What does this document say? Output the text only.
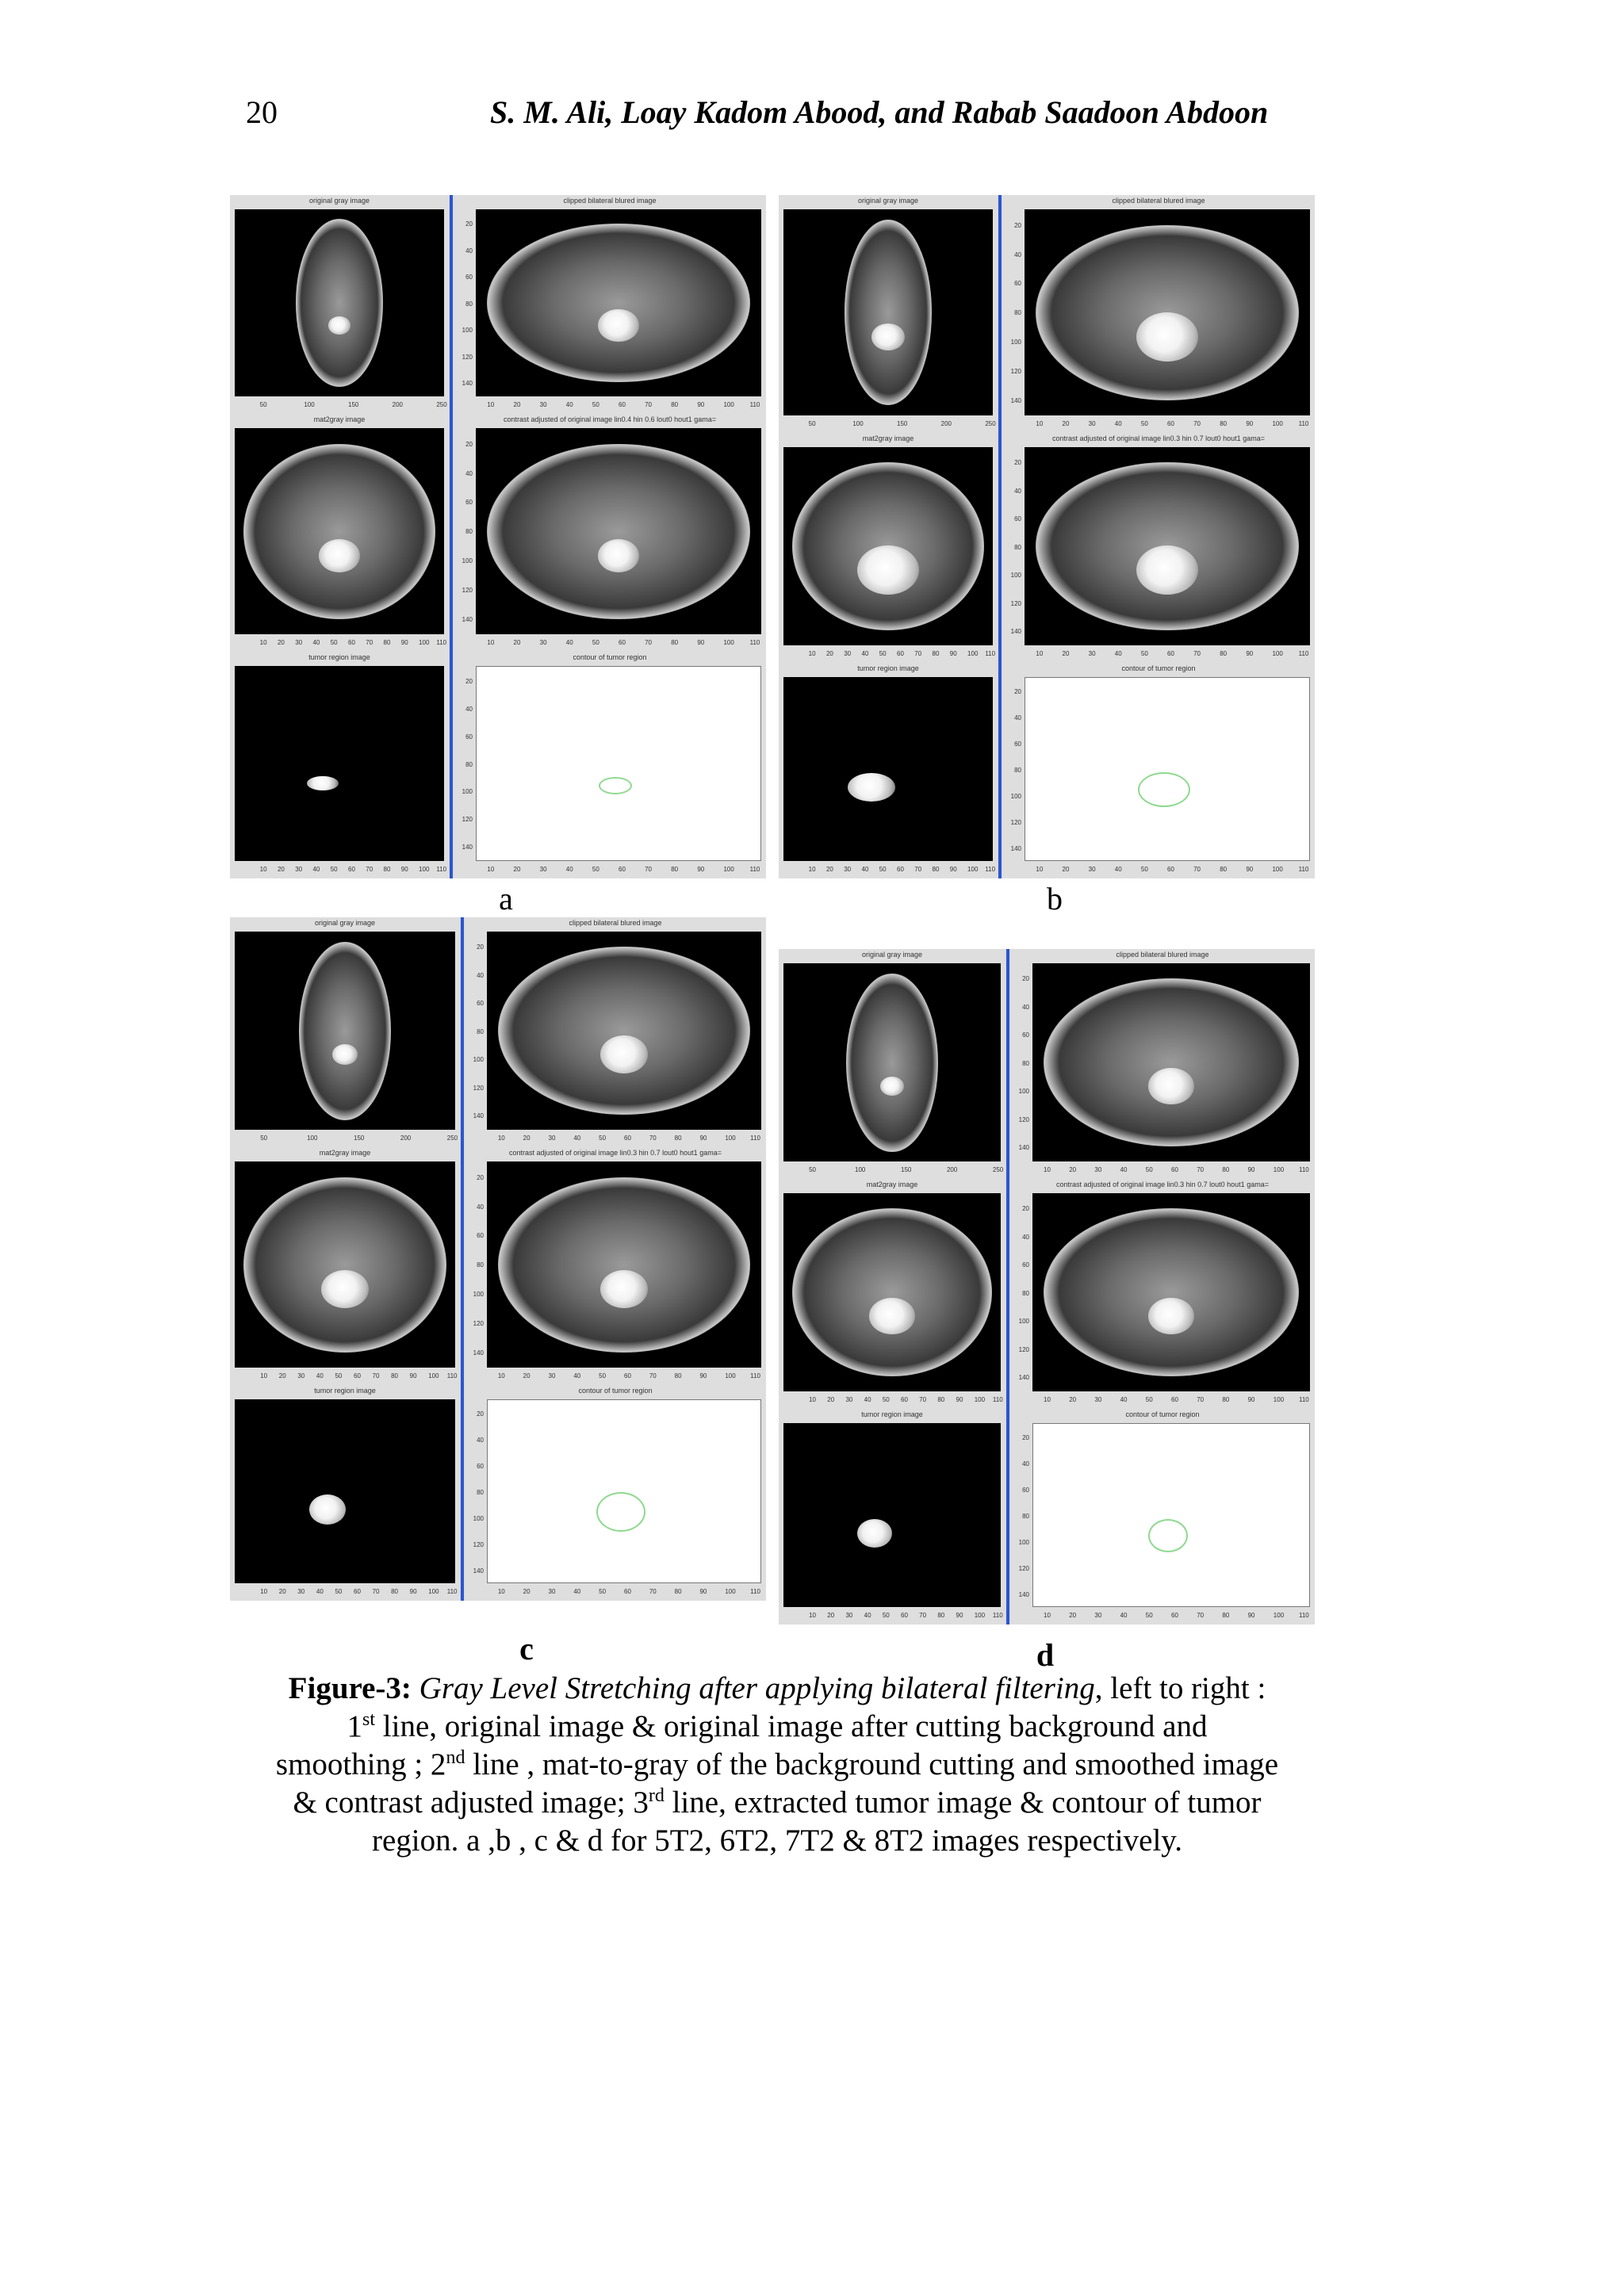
20	S. M. Ali, Loay Kadom Abood, and Rabab Saadoon Abdoon
original gray image
50	100	150	200	250
clipped bilateral blured image
20
40
60
80
100
120
140
10	20	30	40	50	60	70	80	90	100 110
mat2gray image
10 20 30 40 50 60 70 80 90 100 110
contrast adjusted of original image lin0.4 hin 0.6 lout0 hout1 gama=
20
40
60
80
100
120
140
10	20	30	40	50	60	70	80	90	100 110
tumor region image
10 20 30 40 50 60 70 80 90 100 110
contour of tumor region
20
40
60
80
100
120
140
10	20	30	40	50	60	70	80	90	100 110
original gray image
50	100	150	200	250
clipped bilateral blured image
20
40
60
80
100
120
140
10	20	30	40	50	60	70	80	90	100 110
mat2gray image
10 20 30 40 50 60 70 80 90 100 110
contrast adjusted of original image lin0.3 hin 0.7 lout0 hout1 gama=
20
40
60
80
100
120
140
10	20	30	40	50	60	70	80	90	100 110
tumor region image
10 20 30 40 50 60 70 80 90 100 110
contour of tumor region
20
40
60
80
100
120
140
10	20	30	40	50	60	70	80	90	100 110
original gray image
50	100	150	200	250
clipped bilateral blured image
20
40
60
80
100
120
140
10	20	30	40	50	60	70	80	90	100 110
mat2gray image
10 20 30 40 50 60 70 80 90 100 110
contrast adjusted of original image lin0.3 hin 0.7 lout0 hout1 gama=
20
40
60
80
100
120
140
10	20	30	40	50	60	70	80	90	100 110
tumor region image
10 20 30 40 50 60 70 80 90 100 110
contour of tumor region
20
40
60
80
100
120
140
10	20	30	40	50	60	70	80	90	100 110
original gray image
50	100	150	200	250
clipped bilateral blured image
20
40
60
80
100
120
140
10	20	30	40	50	60	70	80	90	100 110
mat2gray image
10 20 30 40 50 60 70 80 90 100 110
contrast adjusted of original image lin0.3 hin 0.7 lout0 hout1 gama=
20
40
60
80
100
120
140
10	20	30	40	50	60	70	80	90	100 110
tumor region image
10 20 30 40 50 60 70 80 90 100 110
contour of tumor region
20
40
60
80
100
120
140
10	20	30	40	50	60	70	80	90	100 110
a	b
c	d
Figure-3: Gray Level Stretching after applying bilateral filtering, left to right :
1st line, original image & original image after cutting background and
smoothing ; 2nd line , mat-to-gray of the background cutting and smoothed image
& contrast adjusted image; 3rd line, extracted tumor image & contour of tumor
region. a ,b , c & d for 5T2, 6T2, 7T2 & 8T2 images respectively.
